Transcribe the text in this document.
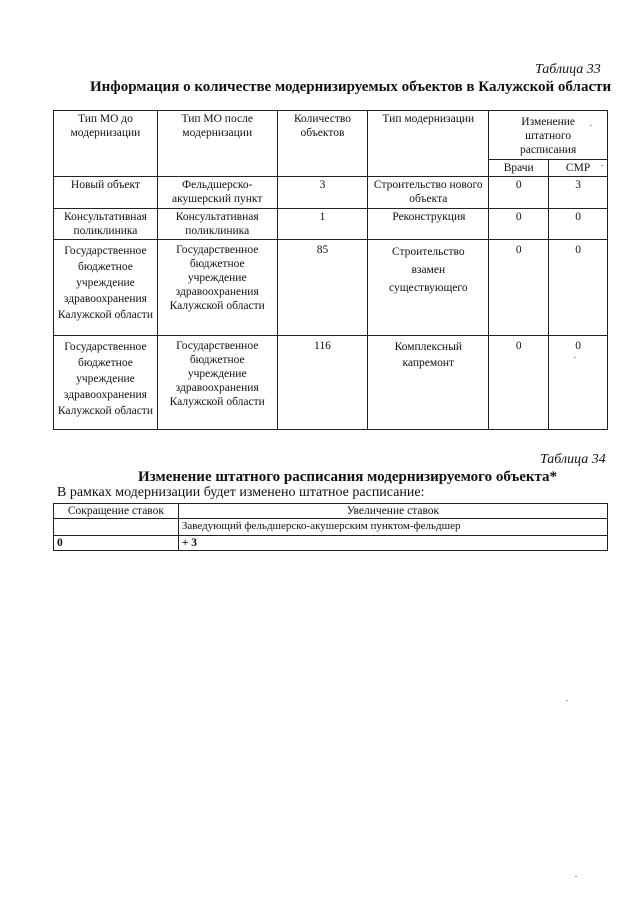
Таблица 33
Информация о количестве модернизируемых объектов в Калужской области
Тип МО до модернизации	Тип МО после модернизации	Количество объектов	Тип модернизации	Изменение штатного расписания	
				Врачи	СМР
Новый объект	Фельдшерско-акушерский пункт	3	Строительство нового объекта	0	3
Консультативная поликлиника	Консультативная поликлиника	1	Реконструкция	0	0
Государственное бюджетное учреждение здравоохранения Калужской области	Государственное бюджетное учреждение здравоохранения Калужской области	85	Строительство взамен существующего	0	0
Государственное бюджетное учреждение здравоохранения Калужской области	Государственное бюджетное учреждение здравоохранения Калужской области	116	Комплексный капремонт	0	0
Таблица 34
Изменение штатного расписания модернизируемого объекта*
В рамках модернизации будет изменено штатное расписание:
Сокращение ставок	Увеличение ставок
	Заведующий фельдшерско-акушерским пунктом-фельдшер
0	+ 3
